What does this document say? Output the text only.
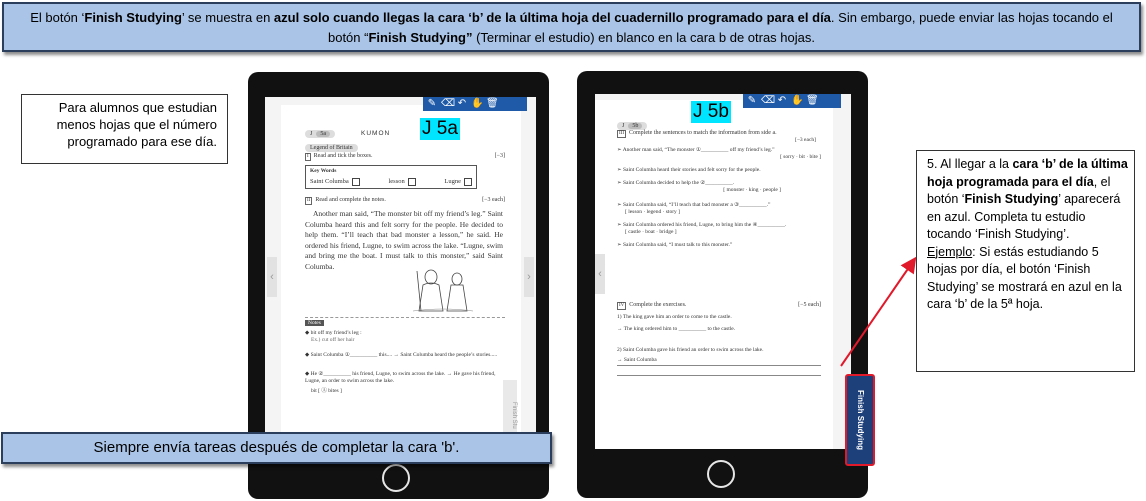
El botón ‘Finish Studying’ se muestra en azul solo cuando llegas la cara ‘b’ de la última hoja del cuadernillo programado para el día. Sin embargo, puede enviar las hojas tocando el botón “Finish Studying” (Terminar el estudio) en blanco en la cara b de otras hojas.
Para alumnos que estudian menos hojas que el número programado para ese día.	J 5a	KUMON
Legend of Britain
I Read and tick the boxes.	[−3]
Key Words
Saint Columba	lesson	Lugne
II Read and complete the notes.	[−3 each]
Another man said, “The monster bit off my friend’s leg.” Saint Columba heard this and felt sorry for the people. He decided to help them. “I’ll teach that bad monster a lesson,” he said. He ordered his friend, Lugne, to swim across the lake. “Lugne, swim and bring me the boat. I must talk to this monster,” said Saint Columba.
Notes
◆ bit off my friend’s leg :
Ex.) cut off her hair
◆ Saint Columba ①__________ this.... → Saint Columba heard the people’s stories.....
◆ He ②__________ his friend, Lugne, to swim across the lake. → He gave his friend, Lugne, an order to swim across the lake.
bit [ Ⓐ bites ]
✎ ⌫ ↶ ✋ 🗑
‹	›
Finish Stu
J 5a	J 5b
III Complete the sentences to match the information from side a.
[−3 each]
➢ Another man said, “The monster ①__________ off my friend’s leg.”
[ sorry · bit · bite ]
➢ Saint Columba heard their stories and felt sorry for the people.
➢ Saint Columba decided to help the ②__________.
[ monster · king · people ]
➢ Saint Columba said, “I’ll teach that bad monster a ③__________.”
[ lesson · legend · story ]
➢ Saint Columba ordered his friend, Lugne, to bring him the ④__________.
[ castle · boat · bridge ]
➢ Saint Columba said, “I must talk to this monster.”
IV Complete the exercises.	[−5 each]
1) The king gave him an order to come to the castle.
→ The king ordered him to __________ to the castle.
2) Saint Columba gave his friend an order to swim across the lake.
→ Saint Columba
✎ ⌫ ↶ ✋ 🗑
‹
J 5b
Finish Studying
5. Al llegar a la cara ‘b’ de la última hoja programada para el día, el botón ‘Finish Studying’ aparecerá en azul. Completa tu estudio tocando ‘Finish Studying’.
Ejemplo: Si estás estudiando 5 hojas por día, el botón ‘Finish Studying’ se mostrará en azul en la cara ‘b’ de la 5ª hoja.
Siempre envía tareas después de completar la cara 'b'.
